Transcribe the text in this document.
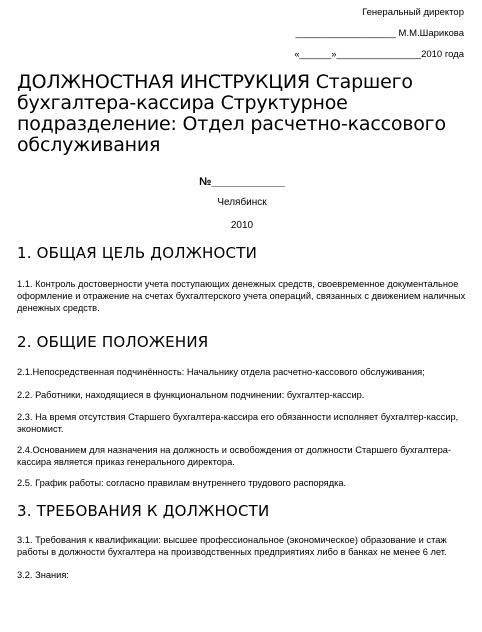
Генеральный директор
___________________ М.М.Шарикова
«______»________________2010 года
ДОЛЖНОСТНАЯ ИНСТРУКЦИЯ Старшего бухгалтера-кассира Структурное подразделение: Отдел расчетно-кассового обслуживания
№____________
Челябинск
2010
1. ОБЩАЯ ЦЕЛЬ ДОЛЖНОСТИ

1.1. Контроль достоверности учета поступающих денежных средств, своевременное документальное оформление и отражение на счетах бухгалтерского учета операций, связанных с движением наличных денежных средств.

2. ОБЩИЕ ПОЛОЖЕНИЯ

2.1.Непосредственная подчинённость: Начальнику отдела расчетно-кассового обслуживания;

2.2. Работники, находящиеся в функциональном подчинении: бухгалтер-кассир.

2.3. На время отсутствия Старшего бухгалтера-кассира его обязанности исполняет бухгалтер-кассир, экономист.

2.4.Основанием для назначения на должность и освобождения от должности Старшего бухгалтера-кассира является приказ генерального директора.

2.5. График работы: согласно правилам внутреннего трудового распорядка.

3. ТРЕБОВАНИЯ К ДОЛЖНОСТИ

3.1. Требования к квалификации: высшее профессиональное (экономическое) образование и стаж работы в должности бухгалтера на производственных предприятиях либо в банках не менее 6 лет.

3.2. Знания:
